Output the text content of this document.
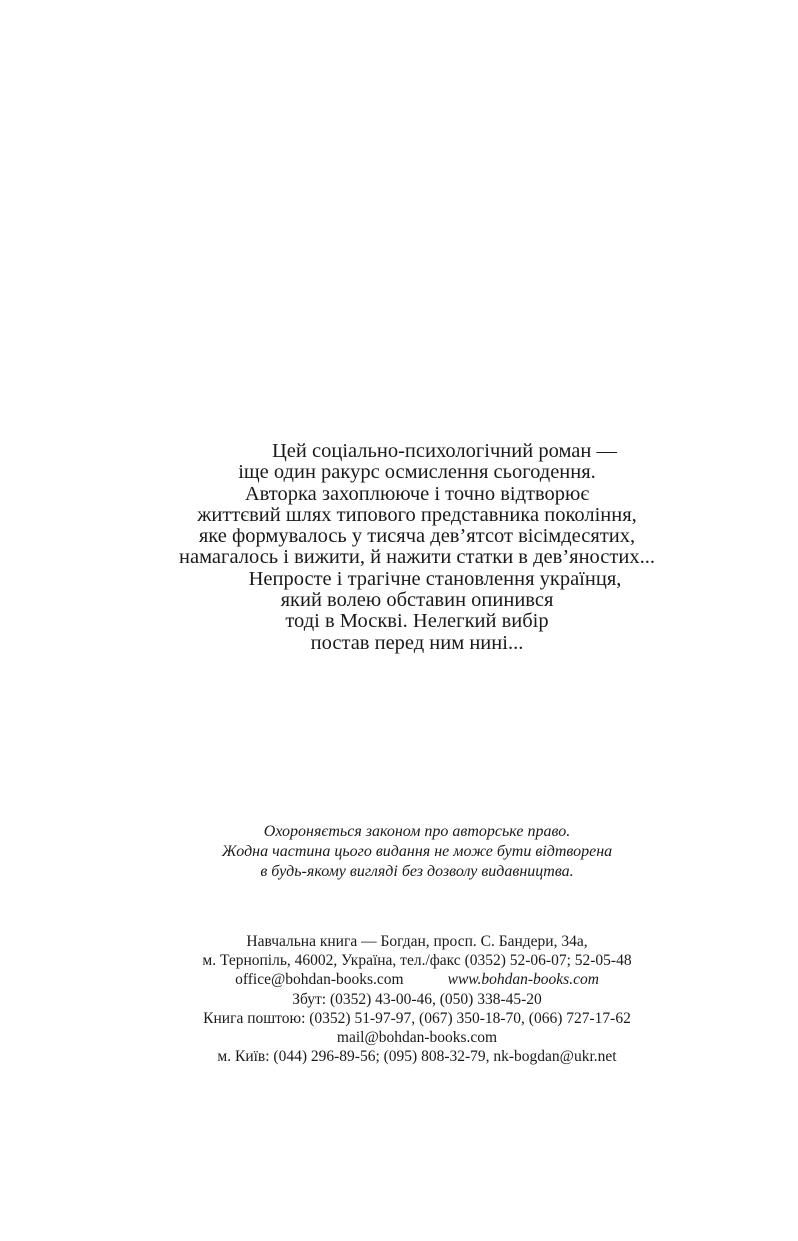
Цей соціально-психологічний роман —
іще один ракурс осмислення сьогодення.
Авторка захоплюючe і точно відтворює
життєвий шлях типового представника покоління,
яке формувалось у тисяча дев’ятсот вісімдесятих,
намагалось і вижити, й нажити статки в дев’яностих...
Непросте і трагічне становлення українця,
який волею обставин опинився
тоді в Москві. Нелегкий вибір
постав перед ним нині...
Охороняється законом про авторське право.
Жодна частина цього видання не може бути відтворена
в будь-якому вигляді без дозволу видавництва.
Навчальна книга — Богдан, просп. С. Бандери, 34а,
м. Тернопіль, 46002, Україна, тел./факс (0352) 52-06-07; 52-05-48
office@bohdan-books.com	www.bohdan-books.com
Збут: (0352) 43-00-46, (050) 338-45-20
Книга поштою: (0352) 51-97-97, (067) 350-18-70, (066) 727-17-62
mail@bohdan-books.com
м. Київ: (044) 296-89-56; (095) 808-32-79, nk-bogdan@ukr.net
